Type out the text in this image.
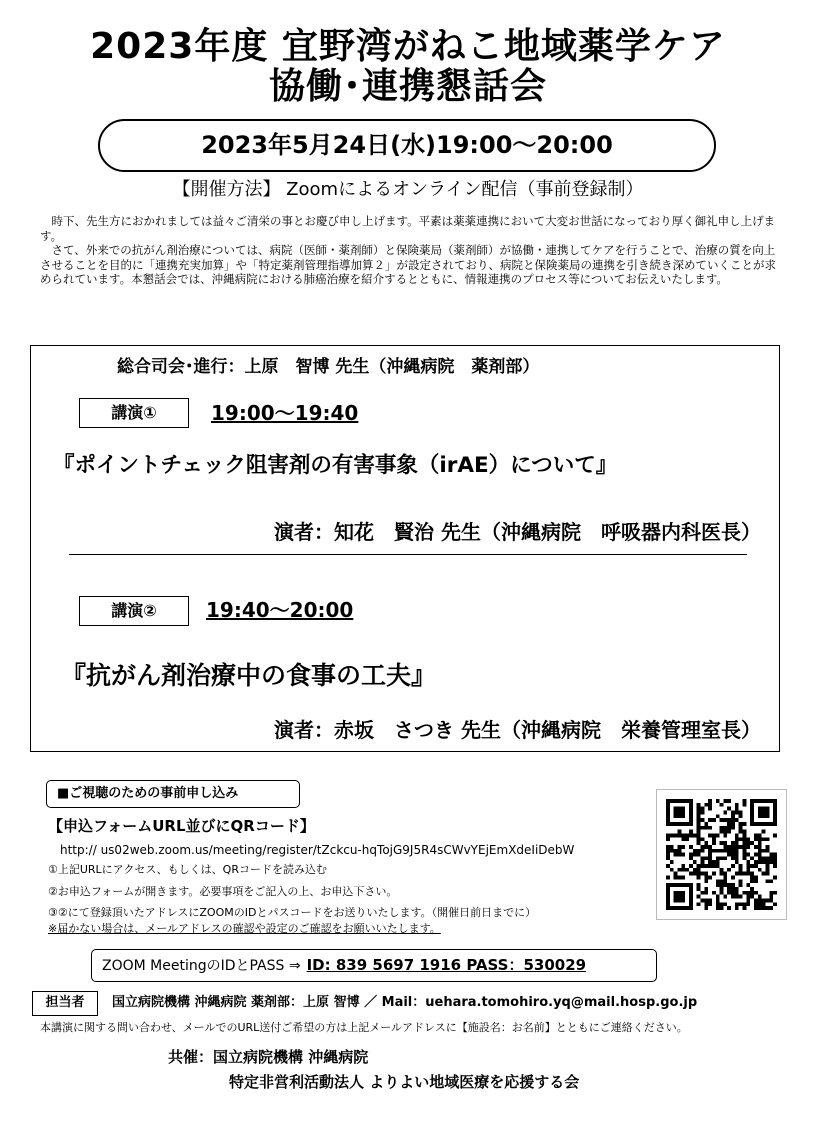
2023年度 宜野湾がねこ地域薬学ケア
協働･連携懇話会
2023年5月24日(水)19:00～20:00
【開催方法】 Zoomによるオンライン配信（事前登録制）

時下、先生方におかれましては益々ご清栄の事とお慶び申し上げます。平素は薬薬連携において大変お世話になっており厚く御礼申し上げます。

さて、外来での抗がん剤治療については、病院（医師・薬剤師）と保険薬局（薬剤師）が協働・連携してケアを行うことで、治療の質を向上させることを目的に「連携充実加算」や「特定薬剤管理指導加算２」が設定されており、病院と保険薬局の連携を引き続き深めていくことが求められています。本懇話会では、沖縄病院における肺癌治療を紹介するとともに、情報連携のプロセス等についてお伝えいたします。

総合司会･進行：上原　智博 先生（沖縄病院　薬剤部）
講演①	19:00～19:40
『ポイントチェック阻害剤の有害事象（irAE）について』
演者：知花　賢治 先生（沖縄病院　呼吸器内科医長）
講演②	19:40～20:00
『抗がん剤治療中の食事の工夫』
演者：赤坂　さつき 先生（沖縄病院　栄養管理室長）
■ご視聴のための事前申し込み
【申込フォームURL並びにQRコード】
http:// us02web.zoom.us/meeting/register/tZckcu-hqTojG9J5R4sCWvYEjEmXdeIiDebW
①上記URLにアクセス、もしくは、QRコードを読み込む
②お申込フォームが開きます。必要事項をご記入の上、お申込下さい。
③②にて登録頂いたアドレスにZOOMのIDとパスコードをお送りいたします。（開催日前日までに）
※届かない場合は、メールアドレスの確認や設定のご確認をお願いいたします。
ZOOM MeetingのIDとPASS ⇒ ID: 839 5697 1916 PASS：530029
担当者	国立病院機構 沖縄病院 薬剤部：上原 智博 ／ Mail：uehara.tomohiro.yq@mail.hosp.go.jp
本講演に関する問い合わせ、メールでのURL送付ご希望の方は上記メールアドレスに【施設名：お名前】とともにご連絡ください。
共催：国立病院機構 沖縄病院
特定非営利活動法人 よりよい地域医療を応援する会
